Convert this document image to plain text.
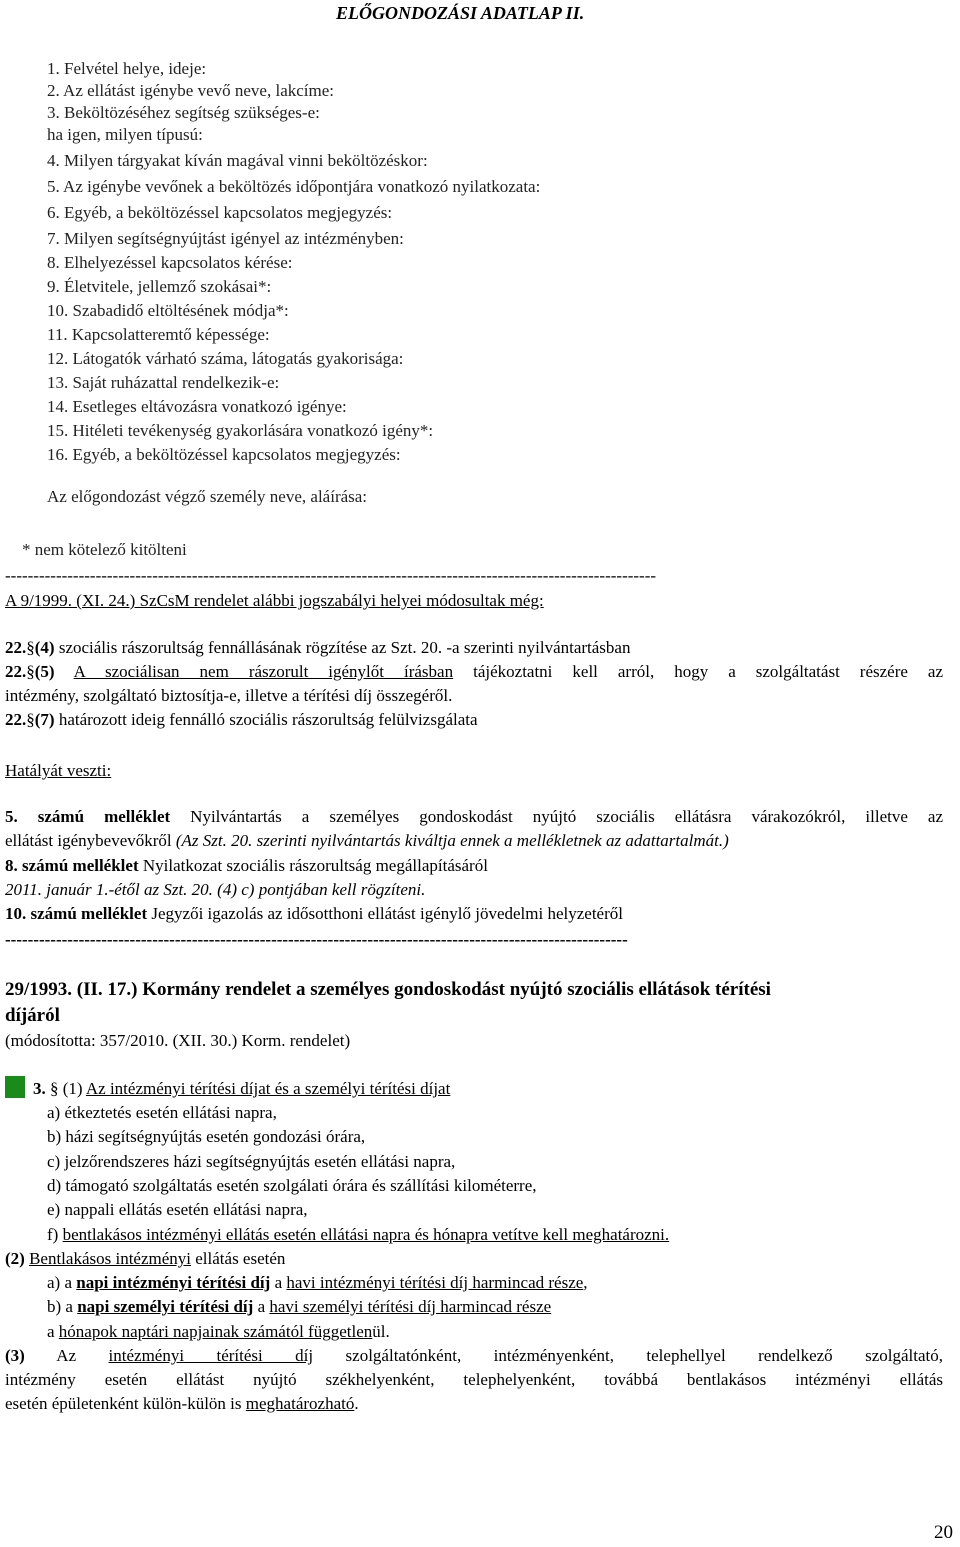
ELŐGONDOZÁSI ADATLAP II.
1. Felvétel helye, ideje:
2. Az ellátást igénybe vevő neve, lakcíme:
3. Beköltözéséhez segítség szükséges-e:
ha igen, milyen típusú:
4. Milyen tárgyakat kíván magával vinni beköltözéskor:
5. Az igénybe vevőnek a beköltözés időpontjára vonatkozó nyilatkozata:
6. Egyéb, a beköltözéssel kapcsolatos megjegyzés:
7. Milyen segítségnyújtást igényel az intézményben:
8. Elhelyezéssel kapcsolatos kérése:
9. Életvitele, jellemző szokásai*:
10. Szabadidő eltöltésének módja*:
11. Kapcsolatteremtő képessége:
12. Látogatók várható száma, látogatás gyakorisága:
13. Saját ruházattal rendelkezik-e:
14. Esetleges eltávozásra vonatkozó igénye:
15. Hitéleti tevékenység gyakorlására vonatkozó igény*:
16. Egyéb, a beköltözéssel kapcsolatos megjegyzés:
Az előgondozást végző személy neve, aláírása:
* nem kötelező kitölteni
-------------------------------------------------------------------------------------------------------------------
A 9/1999. (XI. 24.) SzCsM rendelet alábbi jogszabályi helyei módosultak még:
22.§(4) szociális rászorultság fennállásának rögzítése az Szt. 20. -a szerinti nyilvántartásban
22.§(5) A szociálisan nem rászorult igénylőt írásban tájékoztatni kell arról, hogy a szolgáltatást részére az
intézmény, szolgáltató biztosítja-e, illetve a térítési díj összegéről.
22.§(7) határozott ideig fennálló szociális rászorultság felülvizsgálata
Hatályát veszti:
5. számú melléklet Nyilvántartás a személyes gondoskodást nyújtó szociális ellátásra várakozókról, illetve az
ellátást igénybevevőkről (Az Szt. 20. szerinti nyilvántartás kiváltja ennek a mellékletnek az adattartalmát.)
8. számú melléklet Nyilatkozat szociális rászorultság megállapításáról
2011. január 1.-étől az Szt. 20. (4) c) pontjában kell rögzíteni.
10. számú melléklet Jegyzői igazolás az idősotthoni ellátást igénylő jövedelmi helyzetéről
--------------------------------------------------------------------------------------------------------------
29/1993. (II. 17.) Kormány rendelet a személyes gondoskodást nyújtó szociális ellátások térítési
díjáról
(módosította: 357/2010. (XII. 30.) Korm. rendelet)
3. § (1) Az intézményi térítési díjat és a személyi térítési díjat
a) étkeztetés esetén ellátási napra,
b) házi segítségnyújtás esetén gondozási órára,
c) jelzőrendszeres házi segítségnyújtás esetén ellátási napra,
d) támogató szolgáltatás esetén szolgálati órára és szállítási kilométerre,
e) nappali ellátás esetén ellátási napra,
f) bentlakásos intézményi ellátás esetén ellátási napra és hónapra vetítve kell meghatározni.
(2) Bentlakásos intézményi ellátás esetén
a) a napi intézményi térítési díj a havi intézményi térítési díj harmincad része,
b) a napi személyi térítési díj a havi személyi térítési díj harmincad része
a hónapok naptári napjainak számától függetlenül.
(3) Az intézményi térítési díj szolgáltatónként, intézményenként, telephellyel rendelkező szolgáltató,
intézmény esetén ellátást nyújtó székhelyenként, telephelyenként, továbbá bentlakásos intézményi ellátás
esetén épületenként külön-külön is meghatározható.
20
